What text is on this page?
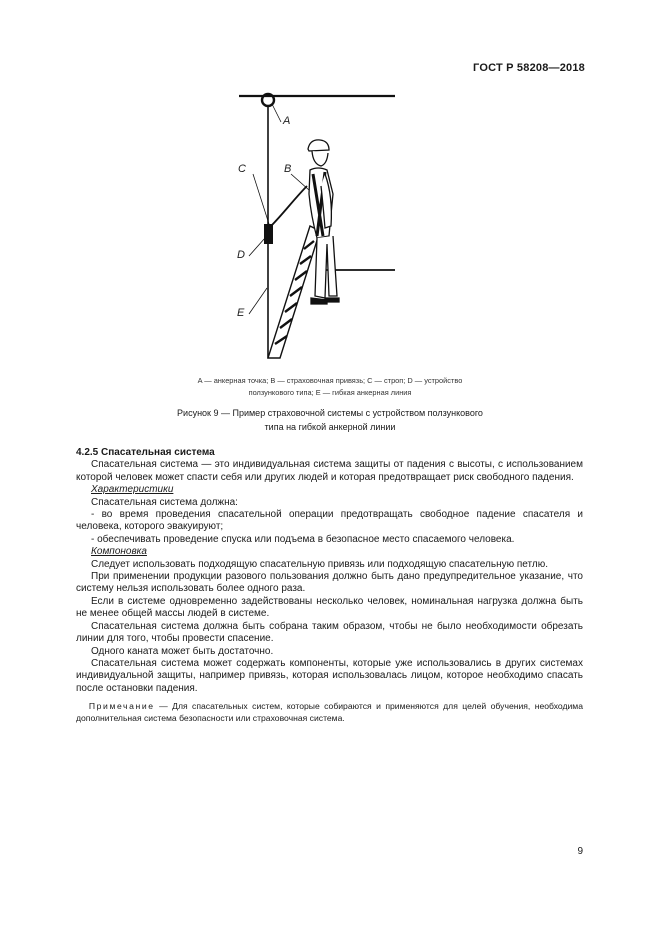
ГОСТ Р 58208—2018
A
C	B
D
E
A — анкерная точка; B — страховочная привязь; C — строп; D — устройство
ползункового типа; E — гибкая анкерная линия
Рисунок 9 — Пример страховочной системы с устройством ползункового
типа на гибкой анкерной линии

4.2.5 Спасательная система

  Спасательная система — это индивидуальная система защиты от падения с высоты, с использованием которой человек может спасти себя или других людей и которая предотвращает риск свободного падения.

  Характеристики

  Спасательная система должна:

  - во время проведения спасательной операции предотвращать свободное падение спасателя и человека, которого эвакуируют;

  - обеспечивать проведение спуска или подъема в безопасное место спасаемого человека.

  Компоновка

  Следует использовать подходящую спасательную привязь или подходящую спасательную петлю.

  При применении продукции разового пользования должно быть дано предупредительное указание, что систему нельзя использовать более одного раза.

  Если в системе одновременно задействованы несколько человек, номинальная нагрузка должна быть не менее общей массы людей в системе.

  Спасательная система должна быть собрана таким образом, чтобы не было необходимости обрезать линии для того, чтобы провести спасение.

  Одного каната может быть достаточно.

  Спасательная система может содержать компоненты, которые уже использовались в других системах индивидуальной защиты, например привязь, которая использовалась лицом, которое необходимо спасать после остановки падения.

  Примечание — Для спасательных систем, которые собираются и применяются для целей обучения, необходима дополнительная система безопасности или страховочная система.

9
